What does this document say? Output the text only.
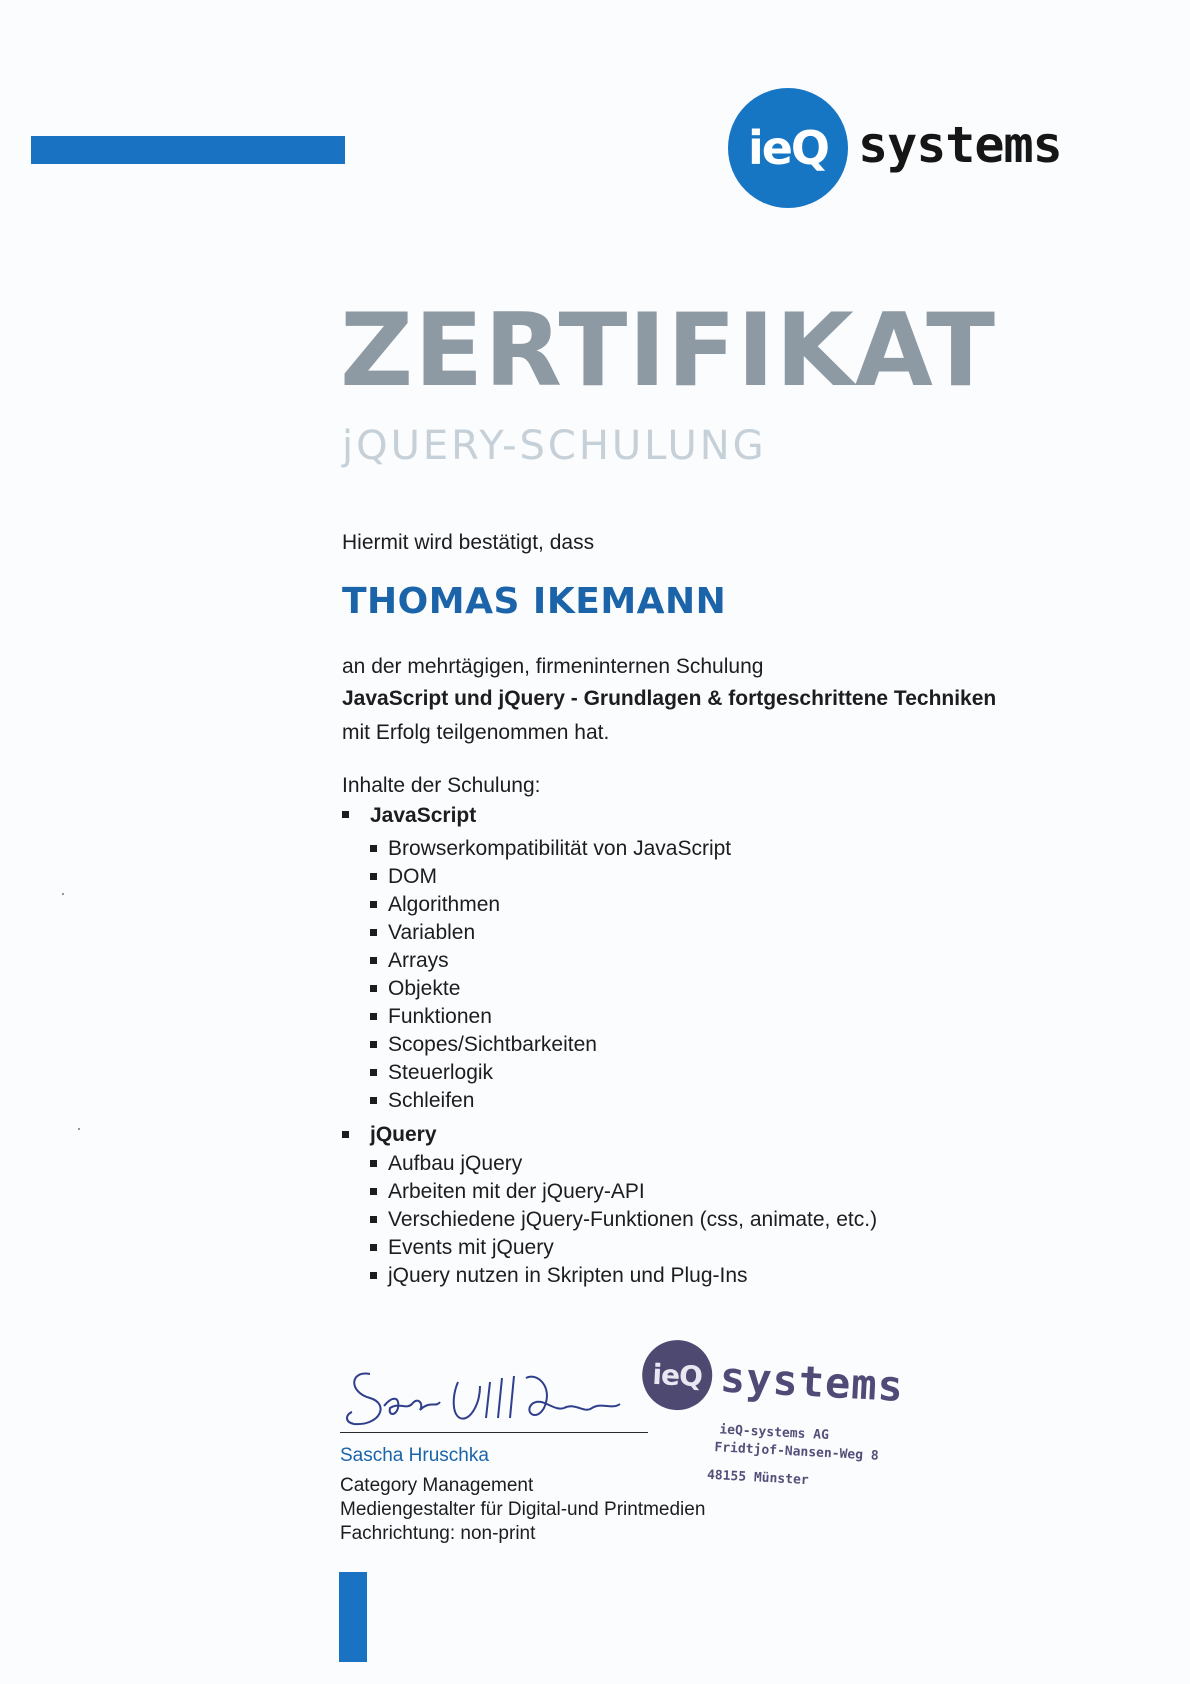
ieQ systems
ZERTIFIKAT
jQUERY-SCHULUNG
Hiermit wird bestätigt, dass
THOMAS IKEMANN
an der mehrtägigen, firmeninternen Schulung
JavaScript und jQuery - Grundlagen & fortgeschrittene Techniken
mit Erfolg teilgenommen hat.
Inhalte der Schulung:
JavaScript
Browserkompatibilität von JavaScript
DOM
Algorithmen
Variablen
Arrays
Objekte
Funktionen
Scopes/Sichtbarkeiten
Steuerlogik
Schleifen
jQuery
Aufbau jQuery
Arbeiten mit der jQuery-API
Verschiedene jQuery-Funktionen (css, animate, etc.)
Events mit jQuery
jQuery nutzen in Skripten und Plug-Ins
Sascha Hruschka
Category Management
Mediengestalter für Digital-und Printmedien
Fachrichtung: non-print
ieQ systems
ieQ-systems AG
Fridtjof-Nansen-Weg 8
48155 Münster
